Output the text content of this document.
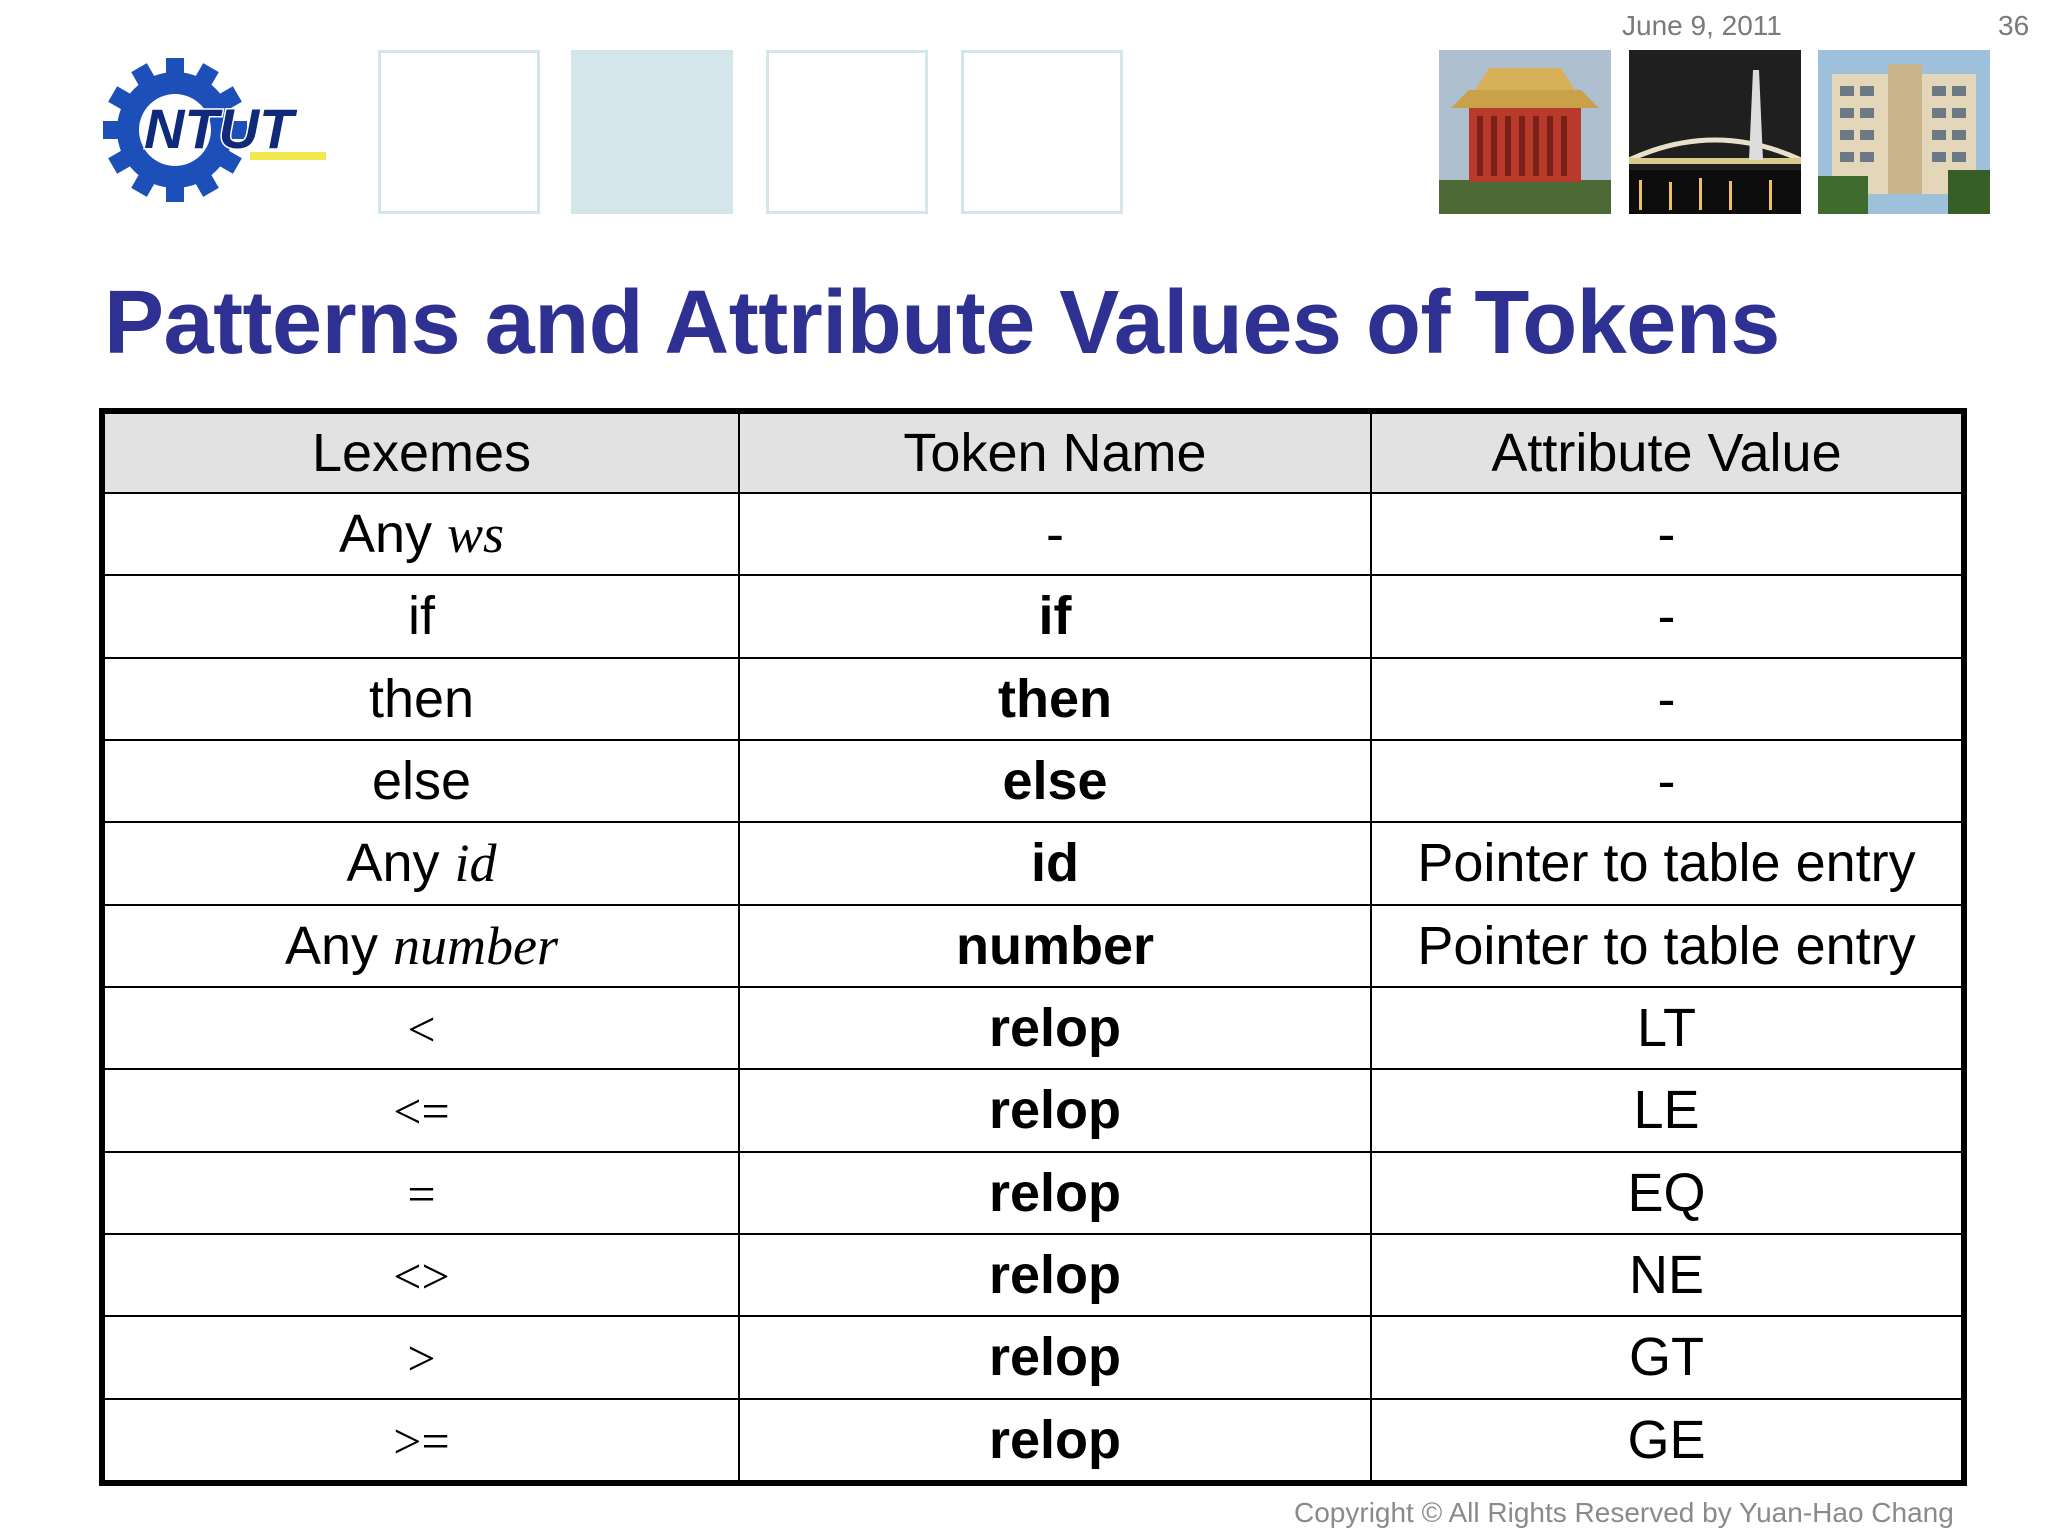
June 9, 2011	36
NTUT
Patterns and Attribute Values of Tokens
Lexemes	Token Name	Attribute Value
Any ws	-	-
if	if	-
then	then	-
else	else	-
Any id	id	Pointer to table entry
Any number	number	Pointer to table entry
<	relop	LT
<=	relop	LE
=	relop	EQ
<>	relop	NE
>	relop	GT
>=	relop	GE
Copyright © All Rights Reserved by Yuan-Hao Chang
